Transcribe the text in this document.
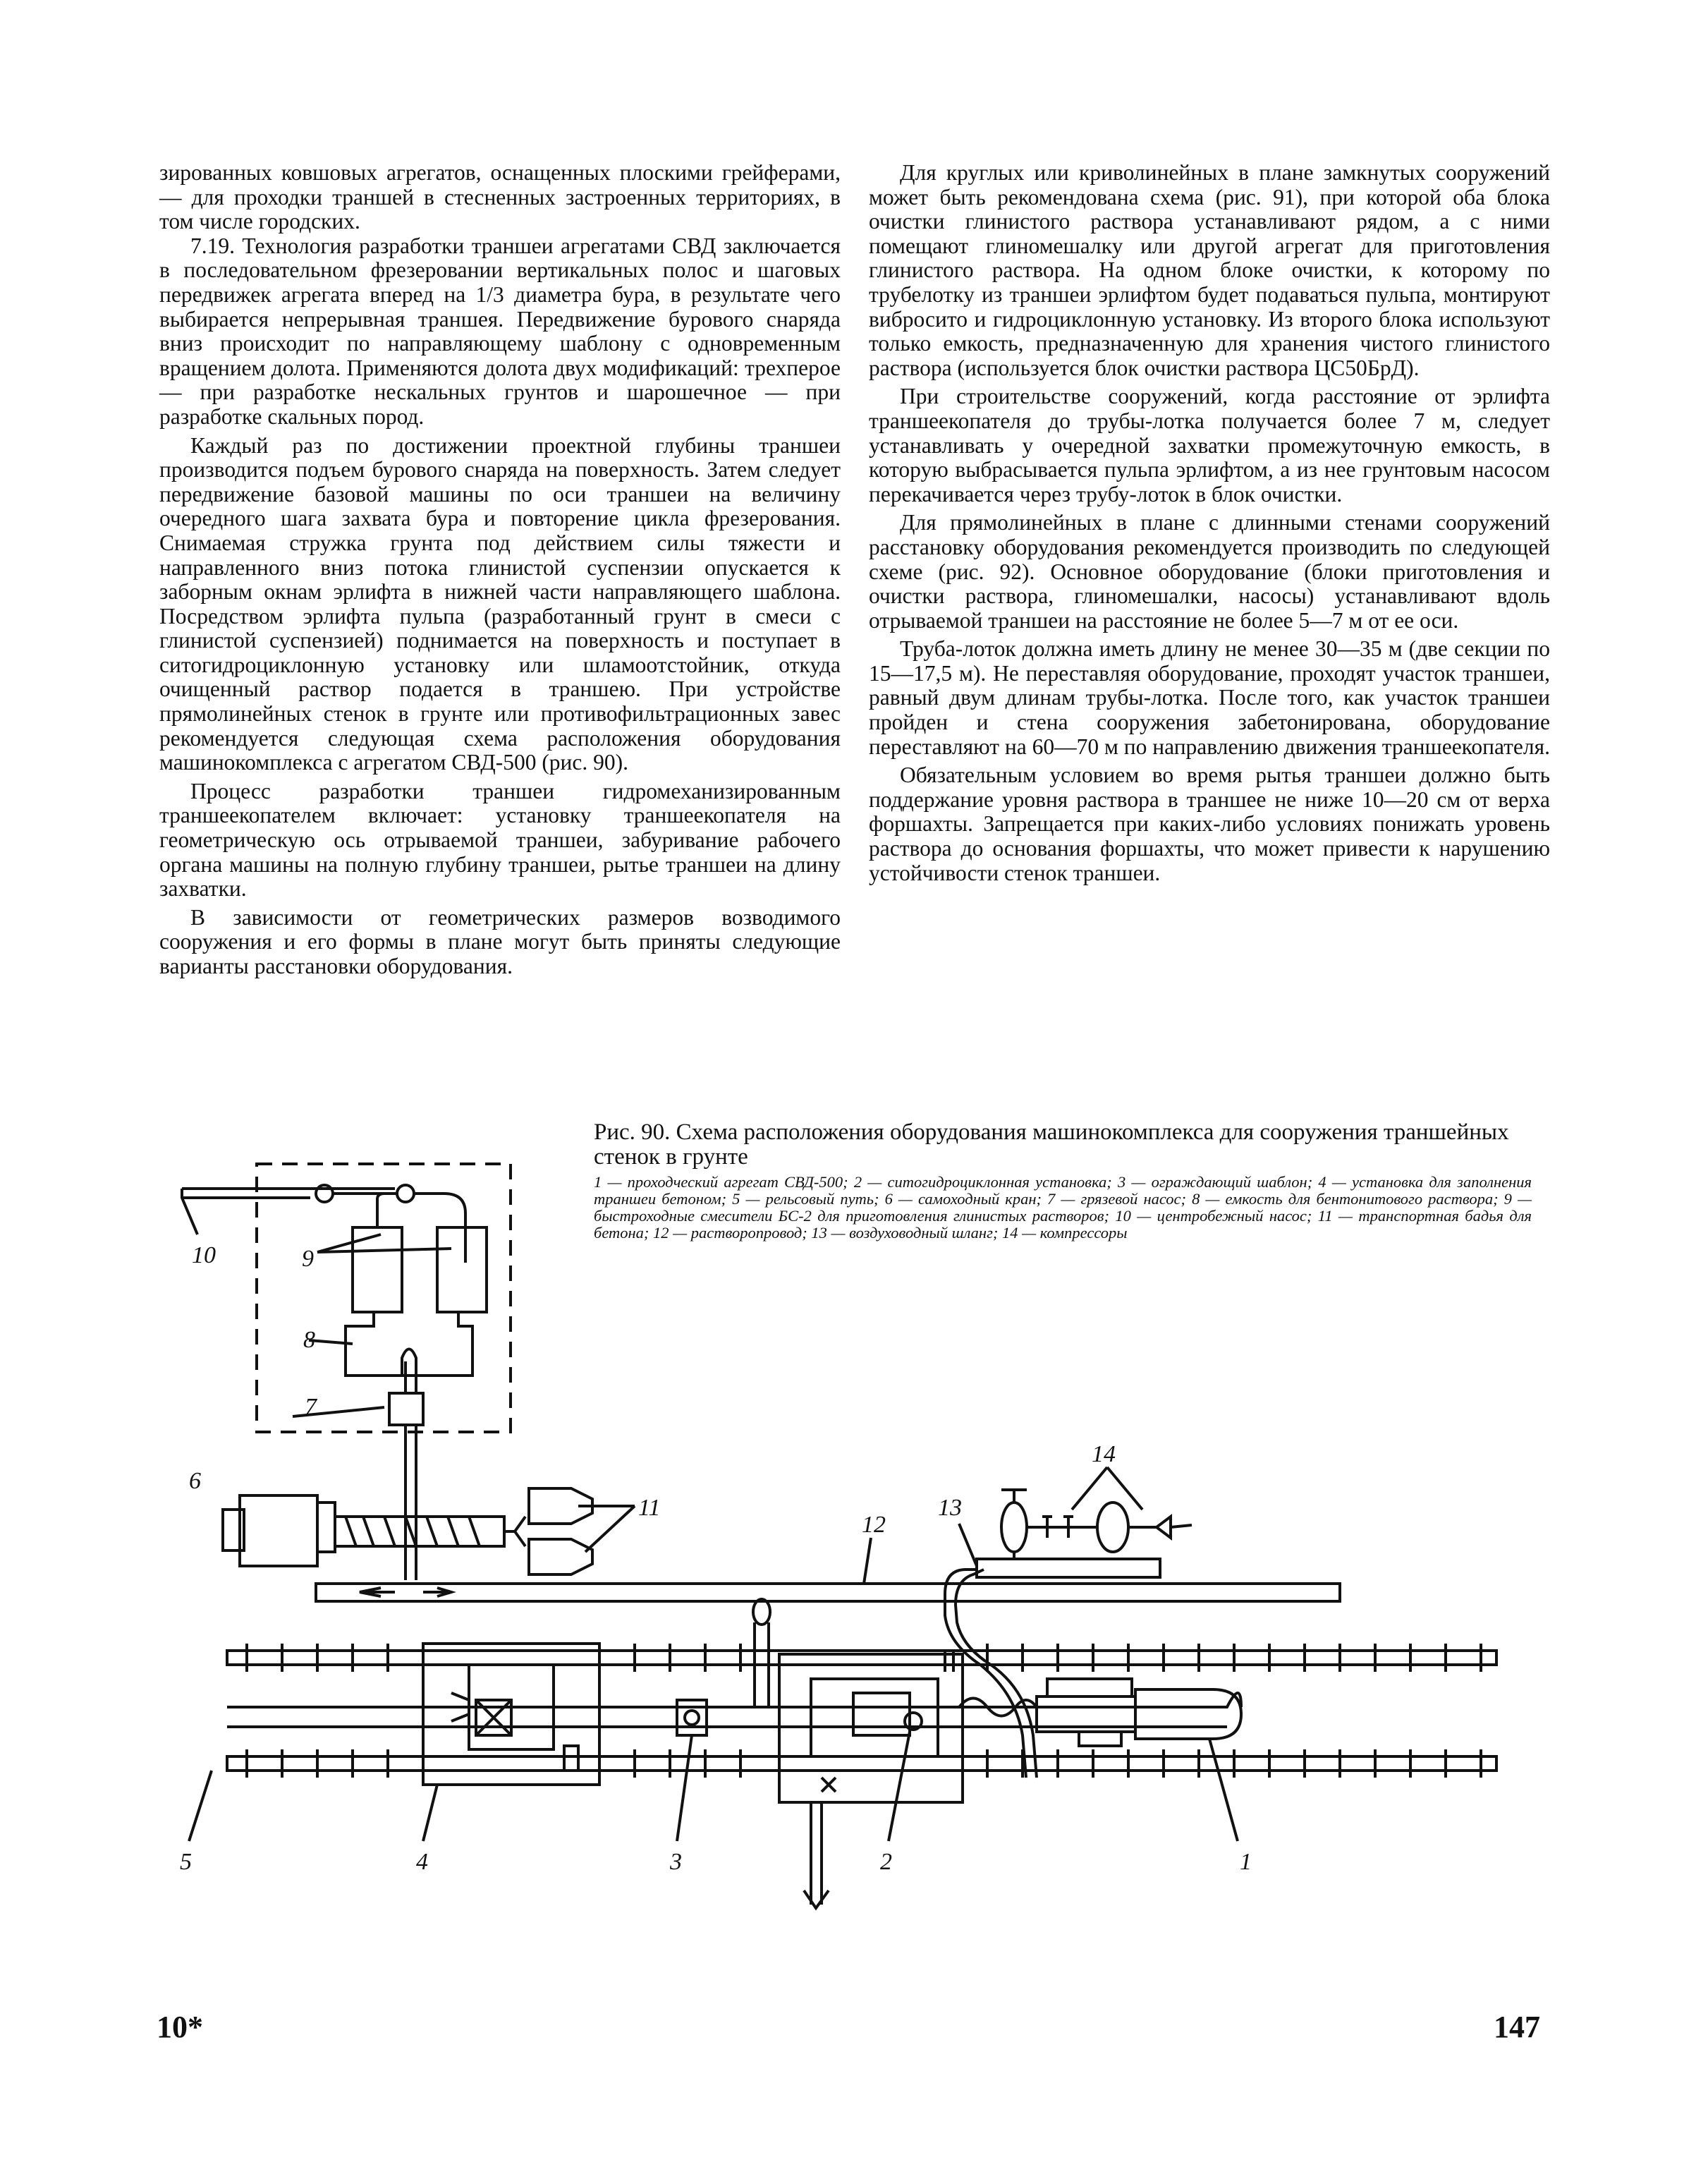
зированных ковшовых агрегатов, оснащенных плоскими грейферами, — для проходки траншей в стесненных застроенных территориях, в том числе городских.

7.19. Технология разработки траншеи агрегатами СВД заключается в последовательном фрезеровании вертикальных полос и шаговых передвижек агрегата вперед на 1/3 диаметра бура, в результате чего выбирается непрерывная траншея. Передвижение бурового снаряда вниз происходит по направляющему шаблону с одновременным вращением долота. Применяются долота двух модификаций: трехперое — при разработке нескальных грунтов и шарошечное — при разработке скальных пород.

Каждый раз по достижении проектной глубины траншеи производится подъем бурового снаряда на поверхность. Затем следует передвижение базовой машины по оси траншеи на величину очередного шага захвата бура и повторение цикла фрезерования. Снимаемая стружка грунта под действием силы тяжести и направленного вниз потока глинистой суспензии опускается к заборным окнам эрлифта в нижней части направляющего шаблона. Посредством эрлифта пульпа (разработанный грунт в смеси с глинистой суспензией) поднимается на поверхность и поступает в ситогидроциклонную установку или шламоотстойник, откуда очищенный раствор подается в траншею. При устройстве прямолинейных стенок в грунте или противофильтрационных завес рекомендуется следующая схема расположения оборудования машинокомплекса с агрегатом СВД-500 (рис. 90).

Процесс разработки траншеи гидромеханизированным траншеекопателем включает: установку траншеекопателя на геометрическую ось отрываемой траншеи, забуривание рабочего органа машины на полную глубину траншеи, рытье траншеи на длину захватки.

В зависимости от геометрических размеров возводимого сооружения и его формы в плане могут быть приняты следующие варианты расстановки оборудования.

Для круглых или криволинейных в плане замкнутых сооружений может быть рекомендована схема (рис. 91), при которой оба блока очистки глинистого раствора устанавливают рядом, а с ними помещают глиномешалку или другой агрегат для приготовления глинистого раствора. На одном блоке очистки, к которому по трубелотку из траншеи эрлифтом будет подаваться пульпа, монтируют вибросито и гидроциклонную установку. Из второго блока используют только емкость, предназначенную для хранения чистого глинистого раствора (используется блок очистки раствора ЦС50БрД).

При строительстве сооружений, когда расстояние от эрлифта траншеекопателя до трубы-лотка получается более 7 м, следует устанавливать у очередной захватки промежуточную емкость, в которую выбрасывается пульпа эрлифтом, а из нее грунтовым насосом перекачивается через трубу-лоток в блок очистки.

Для прямолинейных в плане с длинными стенами сооружений расстановку оборудования рекомендуется производить по следующей схеме (рис. 92). Основное оборудование (блоки приготовления и очистки раствора, глиномешалки, насосы) устанавливают вдоль отрываемой траншеи на расстояние не более 5—7 м от ее оси.

Труба-лоток должна иметь длину не менее 30—35 м (две секции по 15—17,5 м). Не переставляя оборудование, проходят участок траншеи, равный двум длинам трубы-лотка. После того, как участок траншеи пройден и стена сооружения забетонирована, оборудование переставляют на 60—70 м по направлению движения траншеекопателя.

Обязательным условием во время рытья траншеи должно быть поддержание уровня раствора в траншее не ниже 10—20 см от верха форшахты. Запрещается при каких-либо условиях понижать уровень раствора до основания форшахты, что может привести к нарушению устойчивости стенок траншеи.

Рис. 90. Схема расположения оборудования машинокомплекса для сооружения траншейных стенок в грунте

1 — проходческий агрегат СВД-500; 2 — ситогидроциклонная установка; 3 — ограждающий шаблон; 4 — установка для заполнения траншеи бетоном; 5 — рельсовый путь; 6 — самоходный кран; 7 — грязевой насос; 8 — емкость для бентонитового раствора; 9 — быстроходные смесители БС-2 для приготовления глинистых растворов; 10 — центробежный насос; 11 — транспортная бадья для бетона; 12 — растворопровод; 13 — воздуховодный шланг; 14 — компрессоры

1
2
3
4
5
6
7
8
9
10
11
12
13
14
10*	147
